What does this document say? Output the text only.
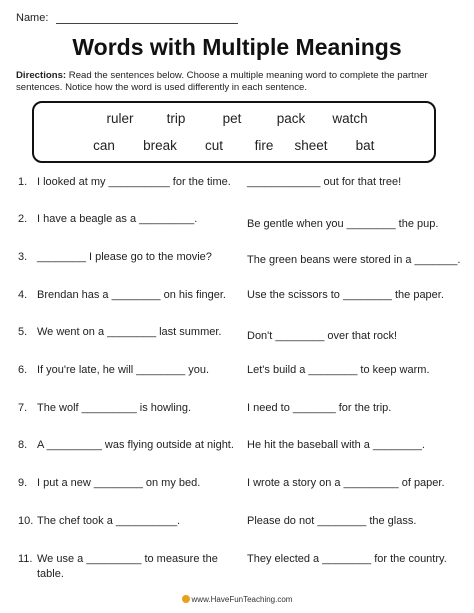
Name:
Words with Multiple Meanings
Directions: Read the sentences below. Choose a multiple meaning word to complete the partner sentences. Notice how the word is used differently in each sentence.
ruler trip	pet	pack watch
can break cut fire sheet bat
1. I looked at my __________ for the time. ____________ out for that tree!
2. I have a beagle as a _________.	Be gentle when you ________ the pup.
3. ________ I please go to the movie?	The green beans were stored in a _______.
4. Brendan has a ________ on his finger. Use the scissors to ________ the paper.
5. We went on a ________ last summer. Don't ________ over that rock!
6. If you're late, he will ________ you.	Let's build a ________ to keep warm.
7. The wolf _________ is howling.	I need to _______ for the trip.
8. A _________ was flying outside at night. He hit the baseball with a ________.
9. I put a new ________ on my bed.	I wrote a story on a _________ of paper.
10. The chef took a __________.	Please do not ________ the glass.
11. We use a _________ to measure the
table.
They elected a ________ for the country.
www.HaveFunTeaching.com
